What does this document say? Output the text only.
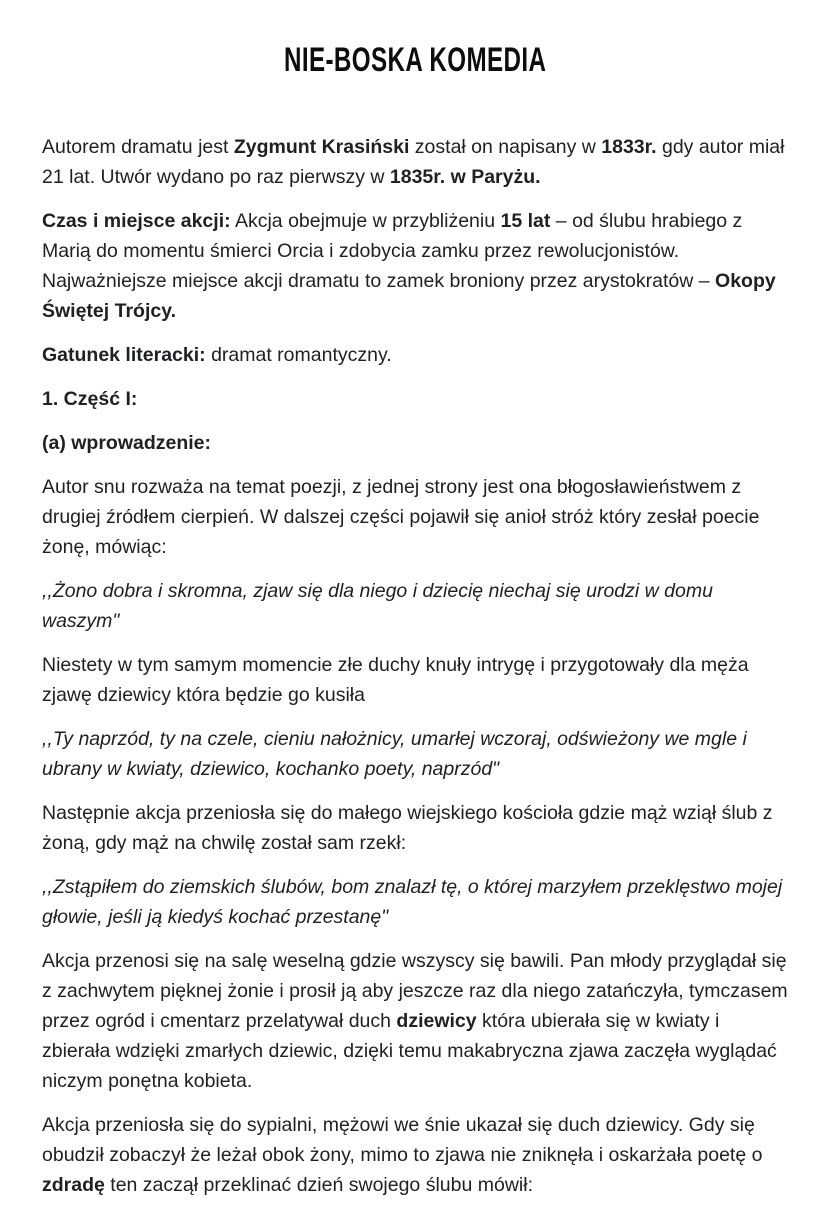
NIE-BOSKA KOMEDIA

Autorem dramatu jest Zygmunt Krasiński został on napisany w 1833r. gdy autor miał 21 lat. Utwór wydano po raz pierwszy w 1835r. w Paryżu.

Czas i miejsce akcji: Akcja obejmuje w przybliżeniu 15 lat – od ślubu hrabiego z Marią do momentu śmierci Orcia i zdobycia zamku przez rewolucjonistów. Najważniejsze miejsce akcji dramatu to zamek broniony przez arystokratów – Okopy Świętej Trójcy.

Gatunek literacki: dramat romantyczny.

1. Część I:

(a) wprowadzenie:

Autor snu rozważa na temat poezji, z jednej strony jest ona błogosławieństwem z drugiej źródłem cierpień. W dalszej części pojawił się anioł stróż który zesłał poecie żonę, mówiąc:

,,Żono dobra i skromna, zjaw się dla niego i dziecię niechaj się urodzi w domu waszym"

Niestety w tym samym momencie złe duchy knuły intrygę i przygotowały dla męża zjawę dziewicy która będzie go kusiła

,,Ty naprzód, ty na czele, cieniu nałożnicy, umarłej wczoraj, odświeżony we mgle i ubrany w kwiaty, dziewico, kochanko poety, naprzód"

Następnie akcja przeniosła się do małego wiejskiego kościoła gdzie mąż wziął ślub z żoną, gdy mąż na chwilę został sam rzekł:

,,Zstąpiłem do ziemskich ślubów, bom znalazł tę, o której marzyłem przeklęstwo mojej głowie, jeśli ją kiedyś kochać przestanę"

Akcja przenosi się na salę weselną gdzie wszyscy się bawili. Pan młody przyglądał się z zachwytem pięknej żonie i prosił ją aby jeszcze raz dla niego zatańczyła, tymczasem przez ogród i cmentarz przelatywał duch dziewicy która ubierała się w kwiaty i zbierała wdzięki zmarłych dziewic, dzięki temu makabryczna zjawa zaczęła wyglądać niczym ponętna kobieta.

Akcja przeniosła się do sypialni, mężowi we śnie ukazał się duch dziewicy. Gdy się obudził zobaczył że leżał obok żony, mimo to zjawa nie zniknęła i oskarżała poetę o zdradę ten zaczął przeklinać dzień swojego ślubu mówił:
